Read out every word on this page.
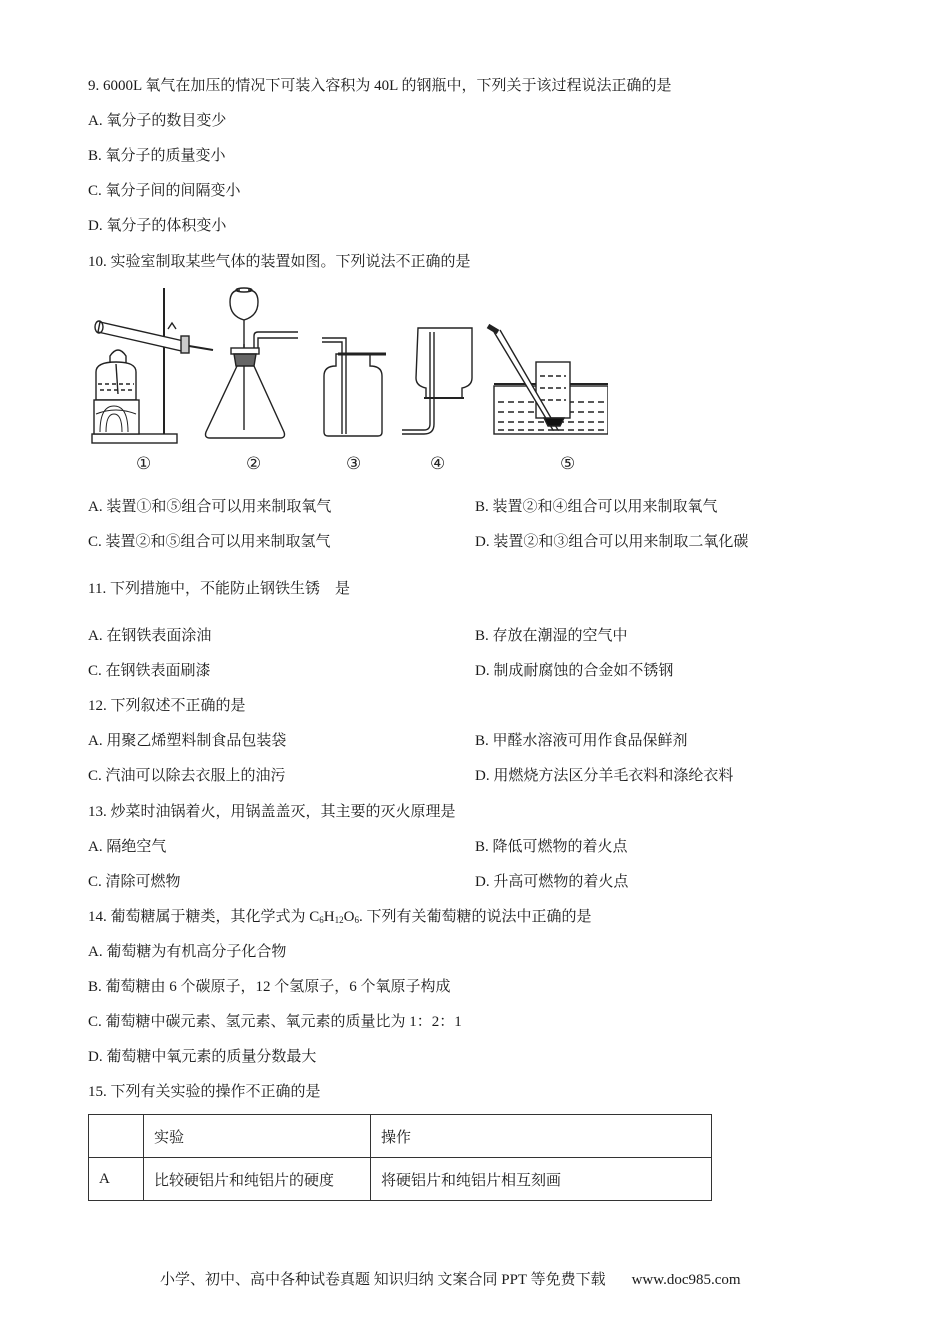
9. 6000L 氧气在加压的情况下可装入容积为 40L 的钢瓶中，下列关于该过程说法正确的是
A. 氧分子的数目变少
B. 氧分子的质量变小
C. 氧分子间的间隔变小
D. 氧分子的体积变小
10. 实验室制取某些气体的装置如图。下列说法不正确的是
①	②	③	④	⑤
A. 装置①和⑤组合可以用来制取氧气	B. 装置②和④组合可以用来制取氧气
C. 装置②和⑤组合可以用来制取氢气	D. 装置②和③组合可以用来制取二氧化碳
11. 下列措施中，不能防止钢铁生锈　是
A. 在钢铁表面涂油	B. 存放在潮湿的空气中
C. 在钢铁表面刷漆	D. 制成耐腐蚀的合金如不锈钢
12. 下列叙述不正确的是
A. 用聚乙烯塑料制食品包装袋	B. 甲醛水溶液可用作食品保鲜剂
C. 汽油可以除去衣服上的油污	D. 用燃烧方法区分羊毛衣料和涤纶衣料
13. 炒菜时油锅着火，用锅盖盖灭，其主要的灭火原理是
A. 隔绝空气	B. 降低可燃物的着火点
C. 清除可燃物	D. 升高可燃物的着火点
14. 葡萄糖属于糖类，其化学式为 $C_6H_{12}O_6$. 下列有关葡萄糖的说法中正确的是
A. 葡萄糖为有机高分子化合物
B. 葡萄糖由 6 个碳原子，12 个氢原子，6 个氧原子构成
C. 葡萄糖中碳元素、氢元素、氧元素的质量比为 1：2：1
D. 葡萄糖中氧元素的质量分数最大
15. 下列有关实验的操作不正确的是
	实验	操作
A	比较硬铝片和纯铝片的硬度	将硬铝片和纯铝片相互刻画
小学、初中、高中各种试卷真题 知识归纳 文案合同 PPT 等免费下载 www.doc985.com
